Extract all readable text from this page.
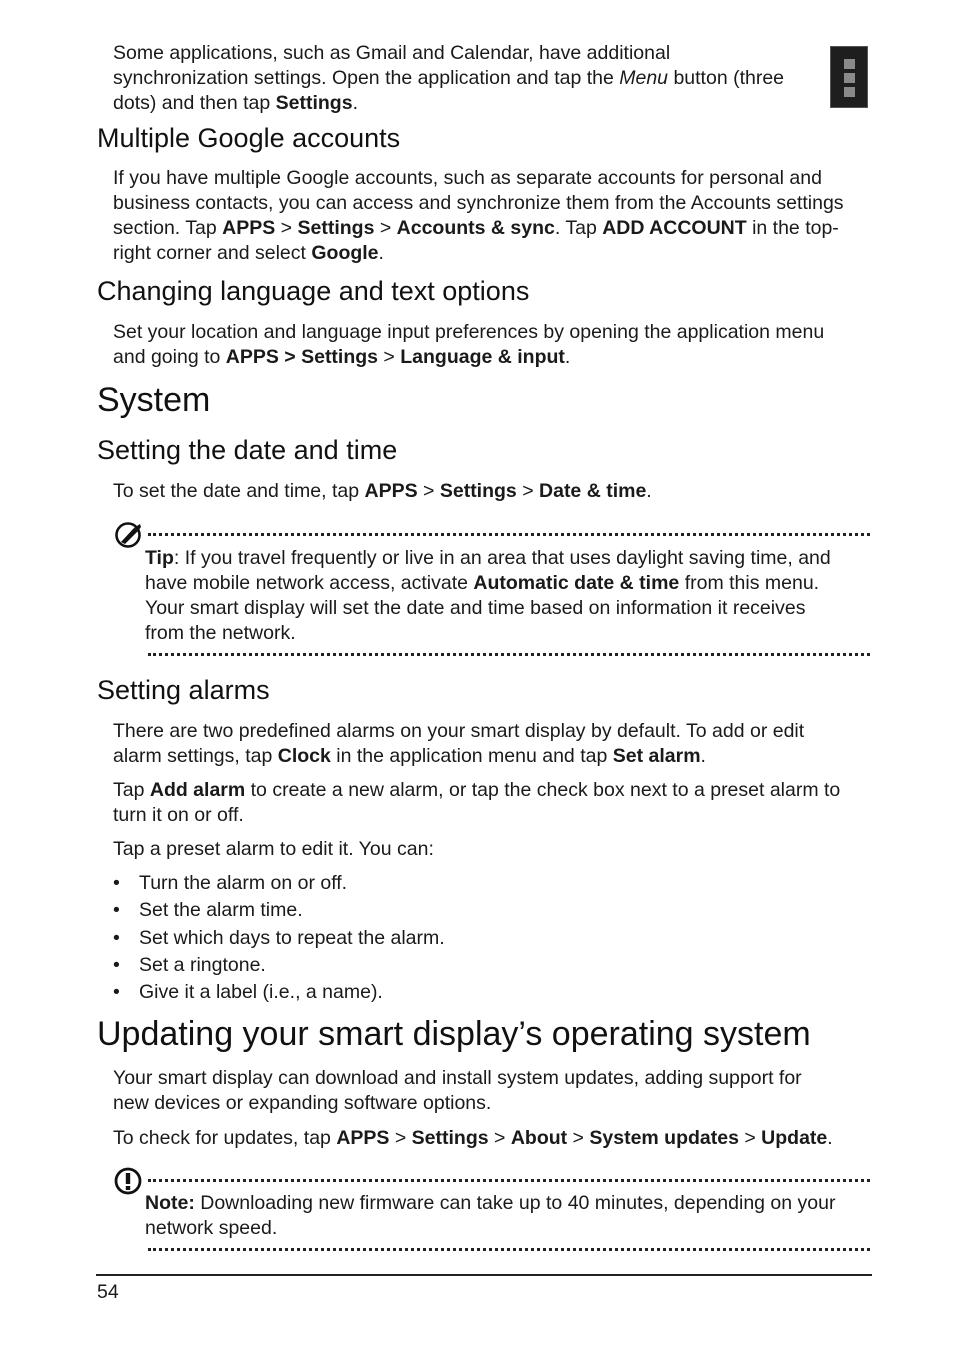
Some applications, such as Gmail and Calendar, have additional
synchronization settings. Open the application and tap the Menu button (three
dots) and then tap Settings.
Multiple Google accounts
If you have multiple Google accounts, such as separate accounts for personal and
business contacts, you can access and synchronize them from the Accounts settings
section. Tap APPS > Settings > Accounts & sync. Tap ADD ACCOUNT in the top-
right corner and select Google.
Changing language and text options
Set your location and language input preferences by opening the application menu
and going to APPS > Settings > Language & input.
System
Setting the date and time
To set the date and time, tap APPS > Settings > Date & time.
Tip: If you travel frequently or live in an area that uses daylight saving time, and
have mobile network access, activate Automatic date & time from this menu.
Your smart display will set the date and time based on information it receives
from the network.
Setting alarms
There are two predefined alarms on your smart display by default. To add or edit
alarm settings, tap Clock in the application menu and tap Set alarm.
Tap Add alarm to create a new alarm, or tap the check box next to a preset alarm to
turn it on or off.
Tap a preset alarm to edit it. You can:
• Turn the alarm on or off.
• Set the alarm time.
• Set which days to repeat the alarm.
• Set a ringtone.
• Give it a label (i.e., a name).
Updating your smart display’s operating system
Your smart display can download and install system updates, adding support for
new devices or expanding software options.
To check for updates, tap APPS > Settings > About > System updates > Update.
Note: Downloading new firmware can take up to 40 minutes, depending on your
network speed.
54
